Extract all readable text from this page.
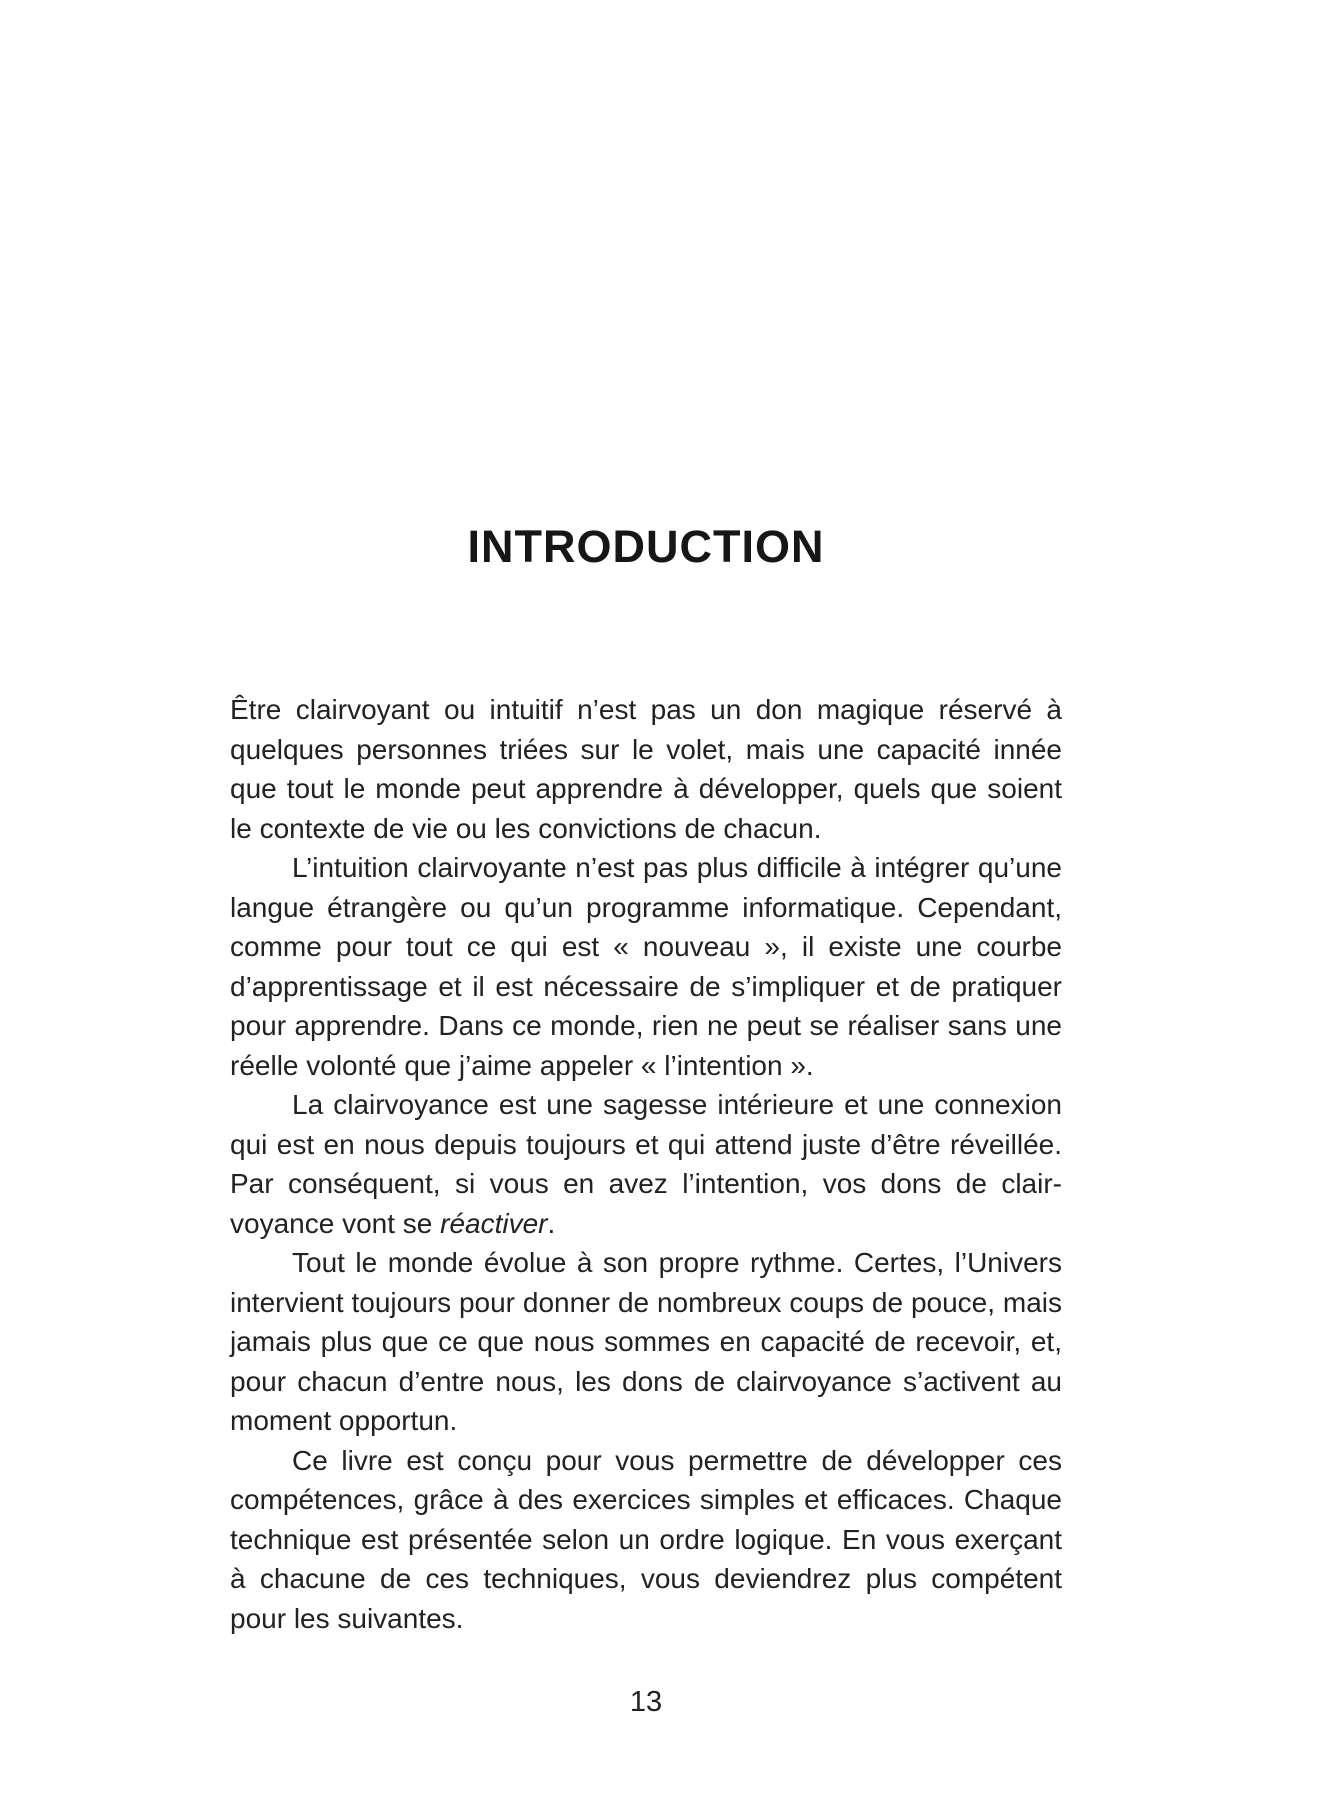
INTRODUCTION
Être clairvoyant ou intuitif n’est pas un don magique réservé à
quelques personnes triées sur le volet, mais une capacité innée
que tout le monde peut apprendre à développer, quels que soient
le contexte de vie ou les convictions de chacun.
L’intuition clairvoyante n’est pas plus difficile à intégrer qu’une
langue étrangère ou qu’un programme informatique. Cependant,
comme pour tout ce qui est « nouveau », il existe une courbe
d’apprentissage et il est nécessaire de s’impliquer et de pratiquer
pour apprendre. Dans ce monde, rien ne peut se réaliser sans une
réelle volonté que j’aime appeler « l’intention ».
La clairvoyance est une sagesse intérieure et une connexion
qui est en nous depuis toujours et qui attend juste d’être réveillée.
Par conséquent, si vous en avez l’intention, vos dons de clair-
voyance vont se réactiver.
Tout le monde évolue à son propre rythme. Certes, l’Univers
intervient toujours pour donner de nombreux coups de pouce, mais
jamais plus que ce que nous sommes en capacité de recevoir, et,
pour chacun d’entre nous, les dons de clairvoyance s’activent au
moment opportun.
Ce livre est conçu pour vous permettre de développer ces
compétences, grâce à des exercices simples et efficaces. Chaque
technique est présentée selon un ordre logique. En vous exerçant
à chacune de ces techniques, vous deviendrez plus compétent
pour les suivantes.
13
